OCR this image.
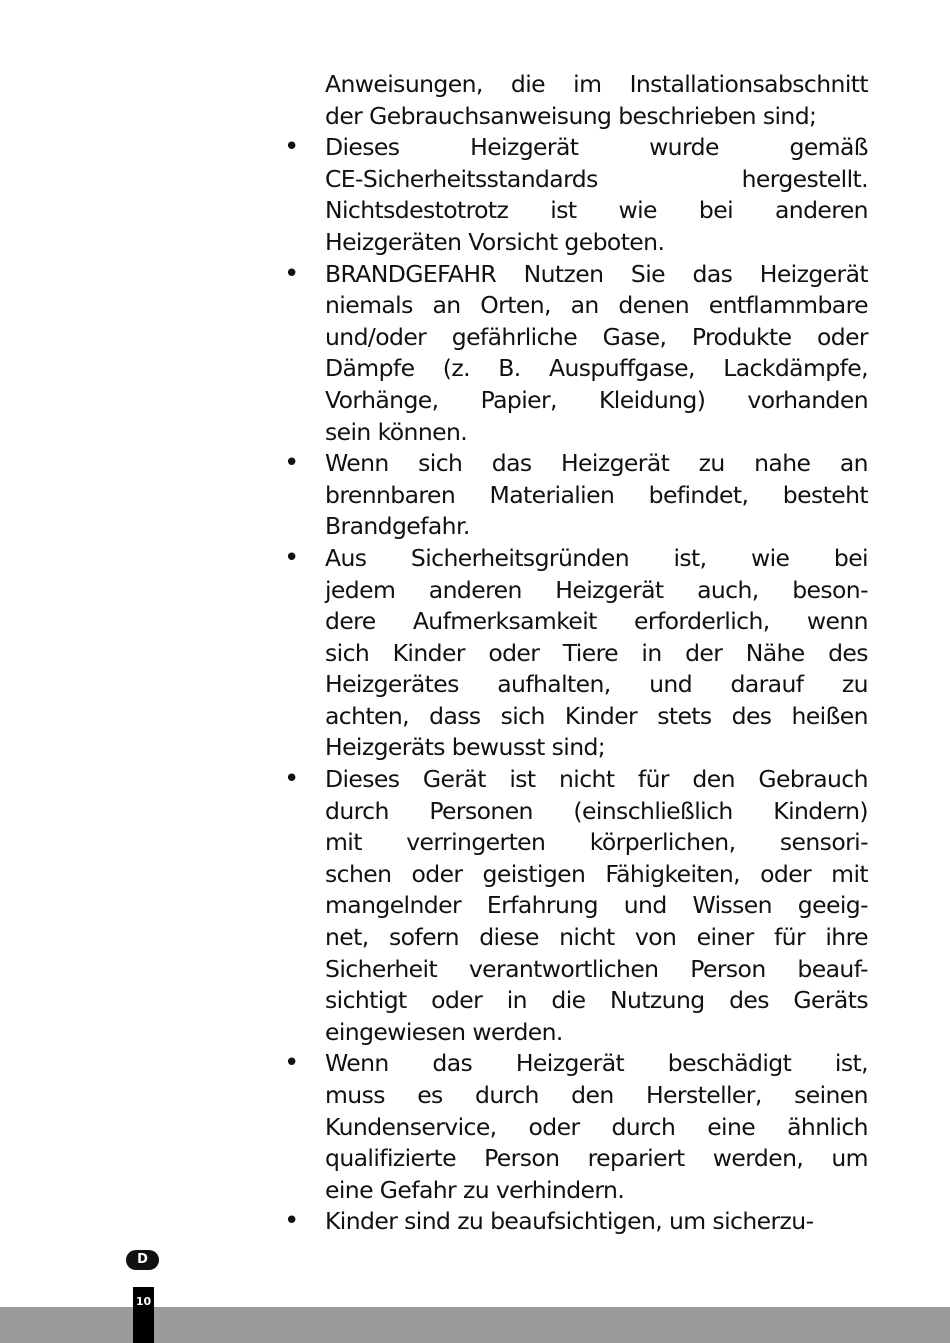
Anweisungen, die im Installationsabschnitt
der Gebrauchsanweisung beschrieben sind;
•	Dieses	Heizgerät	wurde	gemäß
CE-Sicherheitsstandards	hergestellt.
Nichtsdestotrotz ist wie bei anderen
Heizgeräten Vorsicht geboten.
•	BRANDGEFAHR Nutzen Sie das Heizgerät
niemals an Orten, an denen entflammbare
und/oder gefährliche Gase, Produkte oder
Dämpfe (z. B. Auspuffgase, Lackdämpfe,
Vorhänge, Papier, Kleidung) vorhanden
sein können.
•	Wenn sich das Heizgerät zu nahe an
brennbaren Materialien befindet, besteht
Brandgefahr.
•	Aus Sicherheitsgründen ist, wie bei
jedem anderen Heizgerät auch, beson-
dere Aufmerksamkeit erforderlich, wenn
sich Kinder oder Tiere in der Nähe des
Heizgerätes aufhalten, und darauf zu
achten, dass sich Kinder stets des heißen
Heizgeräts bewusst sind;
•	Dieses Gerät ist nicht für den Gebrauch
durch Personen (einschließlich Kindern)
mit verringerten körperlichen, sensori-
schen oder geistigen Fähigkeiten, oder mit
mangelnder Erfahrung und Wissen geeig-
net, sofern diese nicht von einer für ihre
Sicherheit verantwortlichen Person beauf-
sichtigt oder in die Nutzung des Geräts
eingewiesen werden.
•	Wenn das Heizgerät beschädigt ist,
muss es durch den Hersteller, seinen
Kundenservice, oder durch eine ähnlich
qualifizierte Person repariert werden, um
eine Gefahr zu verhindern.
•	Kinder sind zu beaufsichtigen, um sicherzu-
D
10
